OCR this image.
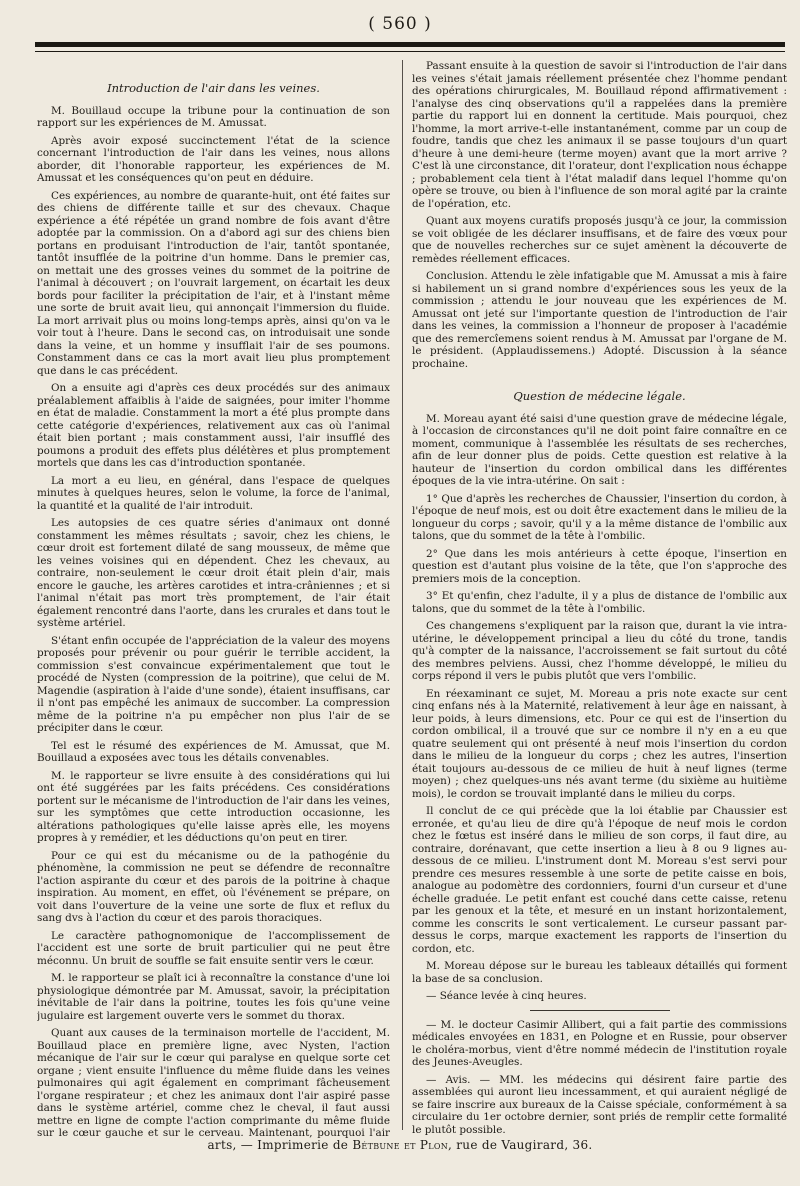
( 560 )
Introduction de l'air dans les veines.

M. Bouillaud occupe la tribune pour la continuation de son rapport sur les expériences de M. Amussat.

Après avoir exposé succinctement l'état de la science concernant l'introduction de l'air dans les veines, nous allons aborder, dit l'honorable rapporteur, les expériences de M. Amussat et les conséquences qu'on peut en déduire.

Ces expériences, au nombre de quarante-huit, ont été faites sur des chiens de différente taille et sur des chevaux. Chaque expérience a été répétée un grand nombre de fois avant d'être adoptée par la commission. On a d'abord agi sur des chiens bien portans en produisant l'introduction de l'air, tantôt spontanée, tantôt insufflée de la poitrine d'un homme. Dans le premier cas, on mettait une des grosses veines du sommet de la poitrine de l'animal à découvert ; on l'ouvrait largement, on écartait les deux bords pour faciliter la précipitation de l'air, et à l'instant même une sorte de bruit avait lieu, qui annonçait l'immersion du fluide. La mort arrivait plus ou moins long-temps après, ainsi qu'on va le voir tout à l'heure. Dans le second cas, on introduisait une sonde dans la veine, et un homme y insufflait l'air de ses poumons. Constamment dans ce cas la mort avait lieu plus promptement que dans le cas précédent.

On a ensuite agi d'après ces deux procédés sur des animaux préalablement affaiblis à l'aide de saignées, pour imiter l'homme en état de maladie. Constamment la mort a été plus prompte dans cette catégorie d'expériences, relativement aux cas où l'animal était bien portant ; mais constamment aussi, l'air insufflé des poumons a produit des effets plus délétères et plus promptement mortels que dans les cas d'introduction spontanée.

La mort a eu lieu, en général, dans l'espace de quelques minutes à quelques heures, selon le volume, la force de l'animal, la quantité et la qualité de l'air introduit.

Les autopsies de ces quatre séries d'animaux ont donné constamment les mêmes résultats ; savoir, chez les chiens, le cœur droit est fortement dilaté de sang mousseux, de même que les veines voisines qui en dépendent. Chez les chevaux, au contraire, non-seulement le cœur droit était plein d'air, mais encore le gauche, les artères carotides et intra-crâniennes ; et si l'animal n'était pas mort très promptement, de l'air était également rencontré dans l'aorte, dans les crurales et dans tout le système artériel.

S'étant enfin occupée de l'appréciation de la valeur des moyens proposés pour prévenir ou pour guérir le terrible accident, la commission s'est convaincue expérimentalement que tout le procédé de Nysten (compression de la poitrine), que celui de M. Magendie (aspiration à l'aide d'une sonde), étaient insuffisans, car il n'ont pas empêché les animaux de succomber. La compression même de la poitrine n'a pu empêcher non plus l'air de se précipiter dans le cœur.

Tel est le résumé des expériences de M. Amussat, que M. Bouillaud a exposées avec tous les détails convenables.

M. le rapporteur se livre ensuite à des considérations qui lui ont été suggérées par les faits précédens. Ces considérations portent sur le mécanisme de l'introduction de l'air dans les veines, sur les symptômes que cette introduction occasionne, les altérations pathologiques qu'elle laisse après elle, les moyens propres à y remédier, et les déductions qu'on peut en tirer.

Pour ce qui est du mécanisme ou de la pathogénie du phénomène, la commission ne peut se défendre de reconnaître l'action aspirante du cœur et des parois de la poitrine à chaque inspiration. Au moment, en effet, où l'événement se prépare, on voit dans l'ouverture de la veine une sorte de flux et reflux du sang dvs à l'action du cœur et des parois thoraciques.

Le caractère pathognomonique de l'accomplissement de l'accident est une sorte de bruit particulier qui ne peut être méconnu. Un bruit de souffle se fait ensuite sentir vers le cœur.

M. le rapporteur se plaît ici à reconnaître la constance d'une loi physiologique démontrée par M. Amussat, savoir, la précipitation inévitable de l'air dans la poitrine, toutes les fois qu'une veine jugulaire est largement ouverte vers le sommet du thorax.

Quant aux causes de la terminaison mortelle de l'accident, M. Bouillaud place en première ligne, avec Nysten, l'action mécanique de l'air sur le cœur qui paralyse en quelque sorte cet organe ; vient ensuite l'influence du même fluide dans les veines pulmonaires qui agit également en comprimant fâcheusement l'organe respirateur ; et chez les animaux dont l'air aspiré passe dans le système artériel, comme chez le cheval, il faut aussi mettre en ligne de compte l'action comprimante du même fluide sur le cœur gauche et sur le cerveau. Maintenant, pourquoi l'air

Passant ensuite à la question de savoir si l'introduction de l'air dans les veines s'était jamais réellement présentée chez l'homme pendant des opérations chirurgicales, M. Bouillaud répond affirmativement : l'analyse des cinq observations qu'il a rappelées dans la première partie du rapport lui en donnent la certitude. Mais pourquoi, chez l'homme, la mort arrive-t-elle instantanément, comme par un coup de foudre, tandis que chez les animaux il se passe toujours d'un quart d'heure à une demi-heure (terme moyen) avant que la mort arrive ? C'est là une circonstance, dit l'orateur, dont l'explication nous échappe ; probablement cela tient à l'état maladif dans lequel l'homme qu'on opère se trouve, ou bien à l'influence de son moral agité par la crainte de l'opération, etc.

Quant aux moyens curatifs proposés jusqu'à ce jour, la commission se voit obligée de les déclarer insuffisans, et de faire des vœux pour que de nouvelles recherches sur ce sujet amènent la découverte de remèdes réellement efficaces.

Conclusion. Attendu le zèle infatigable que M. Amussat a mis à faire si habilement un si grand nombre d'expériences sous les yeux de la commission ; attendu le jour nouveau que les expériences de M. Amussat ont jeté sur l'importante question de l'introduction de l'air dans les veines, la commission a l'honneur de proposer à l'académie que des remercîemens soient rendus à M. Amussat par l'organe de M. le président. (Applaudissemens.) Adopté. Discussion à la séance prochaine.

Question de médecine légale.

M. Moreau ayant été saisi d'une question grave de médecine légale, à l'occasion de circonstances qu'il ne doit point faire connaître en ce moment, communique à l'assemblée les résultats de ses recherches, afin de leur donner plus de poids. Cette question est relative à la hauteur de l'insertion du cordon ombilical dans les différentes époques de la vie intra-utérine. On sait :

1° Que d'après les recherches de Chaussier, l'insertion du cordon, à l'époque de neuf mois, est ou doit être exactement dans le milieu de la longueur du corps ; savoir, qu'il y a la même distance de l'ombilic aux talons, que du sommet de la tête à l'ombilic.

2° Que dans les mois antérieurs à cette époque, l'insertion en question est d'autant plus voisine de la tête, que l'on s'approche des premiers mois de la conception.

3° Et qu'enfin, chez l'adulte, il y a plus de distance de l'ombilic aux talons, que du sommet de la tête à l'ombilic.

Ces changemens s'expliquent par la raison que, durant la vie intra-utérine, le développement principal a lieu du côté du trone, tandis qu'à compter de la naissance, l'accroissement se fait surtout du côté des membres pelviens. Aussi, chez l'homme développé, le milieu du corps répond il vers le pubis plutôt que vers l'ombilic.

En réexaminant ce sujet, M. Moreau a pris note exacte sur cent cinq enfans nés à la Maternité, relativement à leur âge en naissant, à leur poids, à leurs dimensions, etc. Pour ce qui est de l'insertion du cordon ombilical, il a trouvé que sur ce nombre il n'y en a eu que quatre seulement qui ont présenté à neuf mois l'insertion du cordon dans le milieu de la longueur du corps ; chez les autres, l'insertion était toujours au-dessous de ce milieu de huit à neuf lignes (terme moyen) ; chez quelques-uns nés avant terme (du sixième au huitième mois), le cordon se trouvait implanté dans le milieu du corps.

Il conclut de ce qui précède que la loi établie par Chaussier est erronée, et qu'au lieu de dire qu'à l'époque de neuf mois le cordon chez le fœtus est inséré dans le milieu de son corps, il faut dire, au contraire, dorénavant, que cette insertion a lieu à 8 ou 9 lignes au-dessous de ce milieu. L'instrument dont M. Moreau s'est servi pour prendre ces mesures ressemble à une sorte de petite caisse en bois, analogue au podomètre des cordonniers, fourni d'un curseur et d'une échelle graduée. Le petit enfant est couché dans cette caisse, retenu par les genoux et la tête, et mesuré en un instant horizontalement, comme les conscrits le sont verticalement. Le curseur passant par-dessus le corps, marque exactement les rapports de l'insertion du cordon, etc.

M. Moreau dépose sur le bureau les tableaux détaillés qui forment la base de sa conclusion.

— Séance levée à cinq heures.

— M. le docteur Casimir Allibert, qui a fait partie des commissions médicales envoyées en 1831, en Pologne et en Russie, pour observer le choléra-morbus, vient d'être nommé médecin de l'institution royale des Jeunes-Aveugles.

— Avis. — MM. les médecins qui désirent faire partie des assemblées qui auront lieu incessamment, et qui auraient négligé de se faire inscrire aux bureaux de la Caisse spéciale, conformément à sa circulaire du 1er octobre dernier, sont priés de remplir cette formalité le plutôt possible.

arts, — Imprimerie de Bétbune et Plon, rue de Vaugirard, 36.
